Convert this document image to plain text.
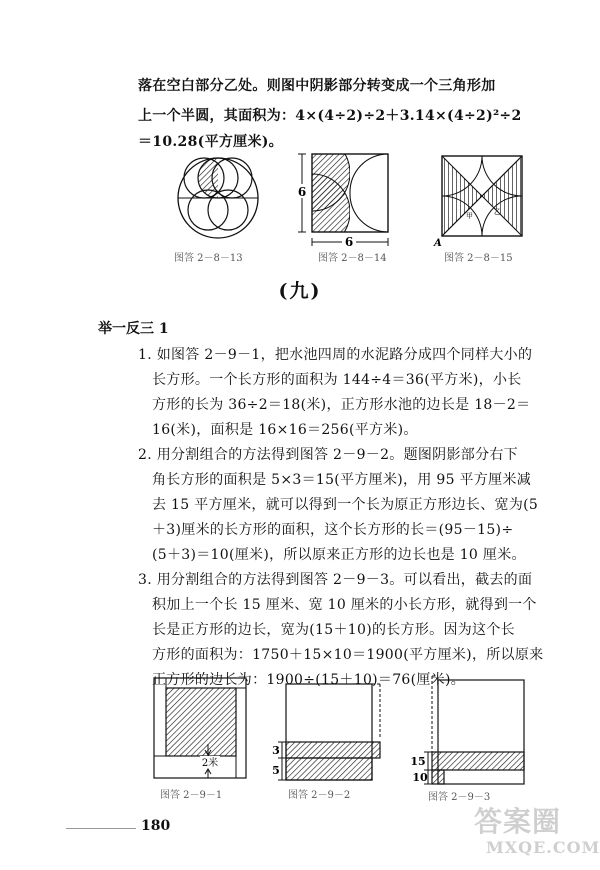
落在空白部分乙处。则图中阴影部分转变成一个三角形加
上一个半圆，其面积为：4×(4÷2)÷2＋3.14×(4÷2)²÷2
＝10.28(平方厘米)。
图答 2－8－13
6
6
图答 2－8－14
A
甲	乙
图答 2－8－15
(九)
举一反三 1
1. 如图答 2－9－1，把水池四周的水泥路分成四个同样大小的
长方形。一个长方形的面积为 144÷4＝36(平方米)，小长
方形的长为 36÷2＝18(米)，正方形水池的边长是 18－2＝
16(米)，面积是 16×16＝256(平方米)。
2. 用分割组合的方法得到图答 2－9－2。题图阴影部分右下
角长方形的面积是 5×3＝15(平方厘米)，用 95 平方厘米减
去 15 平方厘米，就可以得到一个长为原正方形边长、宽为(5
＋3)厘米的长方形的面积，这个长方形的长＝(95－15)÷
(5＋3)＝10(厘米)，所以原来正方形的边长也是 10 厘米。
3. 用分割组合的方法得到图答 2－9－3。可以看出，截去的面
积加上一个长 15 厘米、宽 10 厘米的小长方形，就得到一个
长是正方形的边长，宽为(15＋10)的长方形。因为这个长
方形的面积为：1750＋15×10＝1900(平方厘米)，所以原来
正方形的边长为：1900÷(15＋10)＝76(厘米)。
2米
图答 2－9－1
3
5
图答 2－9－2
15
10
图答 2－9－3
180	答案圈
MXQE.COM
